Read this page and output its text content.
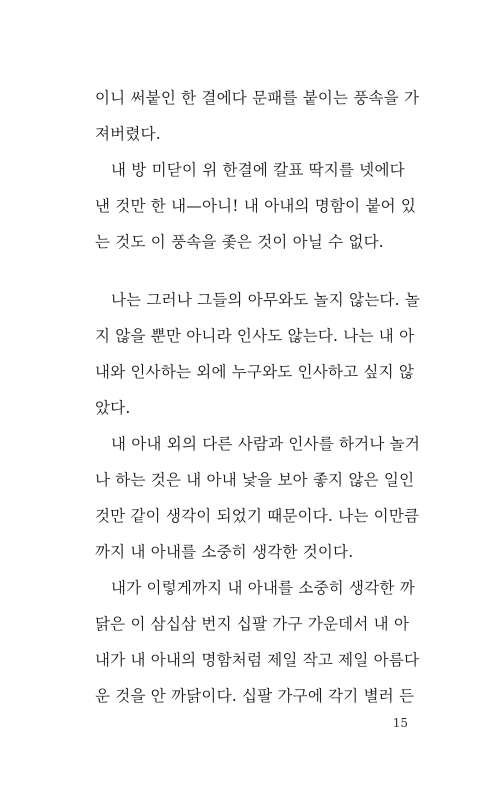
이니 써붙인 한 결에다 문패를 붙이는 풍속을 가
져버렸다.
내 방 미닫이 위 한결에 칼표 딱지를 넷에다
낸 것만 한 내—아니! 내 아내의 명함이 붙어 있
는 것도 이 풍속을 좇은 것이 아닐 수 없다.
나는 그러나 그들의 아무와도 놀지 않는다. 놀
지 않을 뿐만 아니라 인사도 않는다. 나는 내 아
내와 인사하는 외에 누구와도 인사하고 싶지 않
았다.
내 아내 외의 다른 사람과 인사를 하거나 놀거
나 하는 것은 내 아내 낯을 보아 좋지 않은 일인
것만 같이 생각이 되었기 때문이다. 나는 이만큼
까지 내 아내를 소중히 생각한 것이다.
내가 이렇게까지 내 아내를 소중히 생각한 까
닭은 이 삼십삼 번지 십팔 가구 가운데서 내 아
내가 내 아내의 명함처럼 제일 작고 제일 아름다
운 것을 안 까닭이다. 십팔 가구에 각기 별러 든
15
